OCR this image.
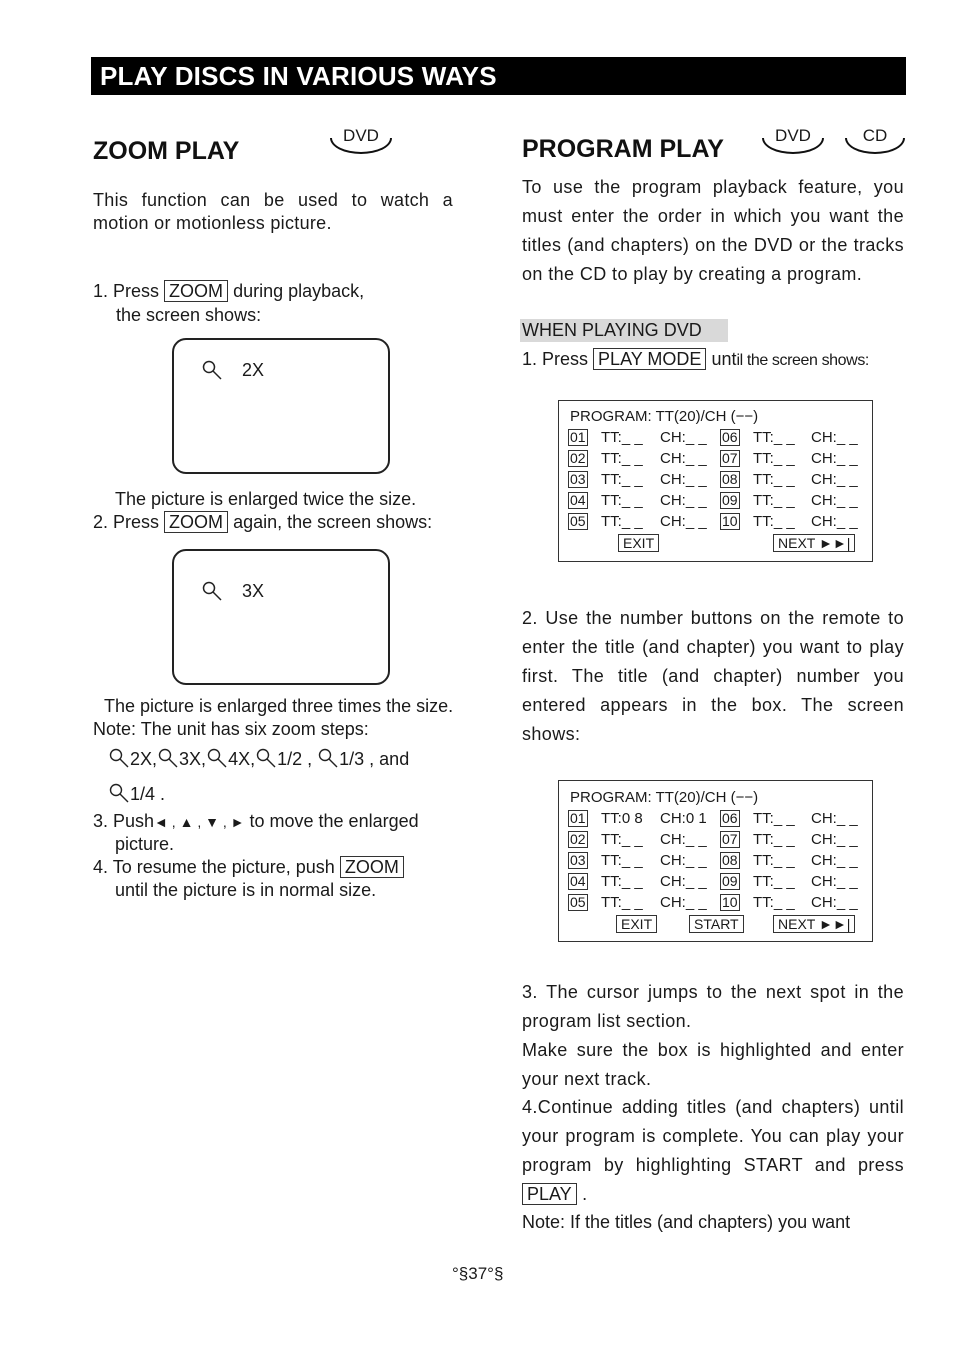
PLAY DISCS IN VARIOUS WAYS
ZOOM PLAY
DVD
This function can be used to watch a motion or motionless picture.
1. Press ZOOM during playback,
the screen shows:
2X
The picture is enlarged twice the size.
2. Press ZOOM again, the screen shows:
3X
The picture is enlarged three times the size.
Note: The unit has six zoom steps:
2X, 3X, 4X, 1/2 , 1/3 , and
1/4 .
3. Push◄ , ▲ , ▼ , ► to move the enlarged
picture.
4. To resume the picture, push ZOOM
until the picture is in normal size.
PROGRAM PLAY	DVD	CD
To use the program playback feature, you must enter the order in which you want the titles (and chapters) on the DVD or the tracks on the CD to play by creating a program.
WHEN PLAYING DVD
1. Press PLAY MODE until the screen shows:
PROGRAM: TT(20)/CH (−−)
01 TT:_ _ CH:_ _ 06 TT:_ _ CH:_ _
02 TT:_ _ CH:_ _ 07 TT:_ _ CH:_ _
03 TT:_ _ CH:_ _ 08 TT:_ _ CH:_ _
04 TT:_ _ CH:_ _ 09 TT:_ _ CH:_ _
05 TT:_ _ CH:_ _ 10 TT:_ _ CH:_ _
EXIT	NEXT ►►|
2. Use the number buttons on the remote to enter the title (and chapter) you want to play first. The title (and chapter) number you entered appears in the box. The screen shows:
PROGRAM: TT(20)/CH (−−)
01 TT:0 8 CH:0 1 06 TT:_ _ CH:_ _
02 TT:_ _ CH:_ _ 07 TT:_ _ CH:_ _
03 TT:_ _ CH:_ _ 08 TT:_ _ CH:_ _
04 TT:_ _ CH:_ _ 09 TT:_ _ CH:_ _
05 TT:_ _ CH:_ _ 10 TT:_ _ CH:_ _
EXIT	START	NEXT ►►|
3. The cursor jumps to the next spot in the program list section.
Make sure the box is highlighted and enter your next track.
4.Continue adding titles (and chapters) until your program is complete. You can play your program by highlighting START and press PLAY .
Note: If the titles (and chapters) you want
°§37°§
